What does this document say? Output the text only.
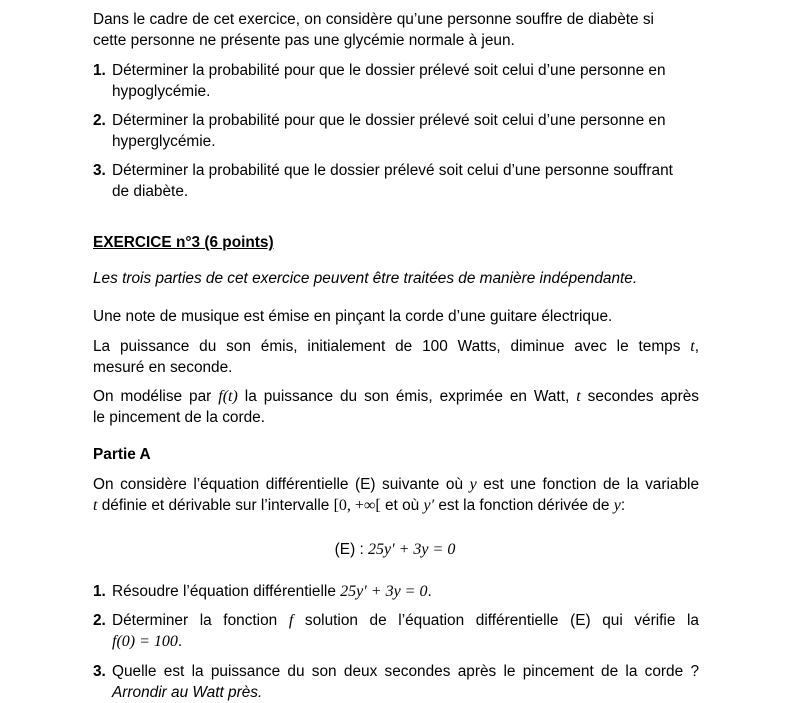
Dans le cadre de cet exercice, on considère qu’une personne souffre de diabète si

cette personne ne présente pas une glycémie normale à jeun.

1. Déterminer la probabilité pour que le dossier prélevé soit celui d’une personne en
hypoglycémie.
2. Déterminer la probabilité pour que le dossier prélevé soit celui d’une personne en
hyperglycémie.
3. Déterminer la probabilité que le dossier prélevé soit celui d’une personne souffrant
de diabète.
EXERCICE n°3 (6 points)

Les trois parties de cet exercice peuvent être traitées de manière indépendante.

Une note de musique est émise en pinçant la corde d’une guitare électrique.

La puissance du son émis, initialement de 100 Watts, diminue avec le temps t,

mesuré en seconde.

On modélise par f(t) la puissance du son émis, exprimée en Watt, t secondes après

le pincement de la corde.

Partie A

On considère l’équation différentielle (E) suivante où y est une fonction de la variable

t définie et dérivable sur l’intervalle [0, +∞[ et où y′ est la fonction dérivée de y:

(E) : 25y′ + 3y = 0
1. Résoudre l’équation différentielle 25y′ + 3y = 0.
2. Déterminer la fonction f solution de l’équation différentielle (E) qui vérifie la
f(0) = 100.
3. Quelle est la puissance du son deux secondes après le pincement de la corde ?
Arrondir au Watt près.
